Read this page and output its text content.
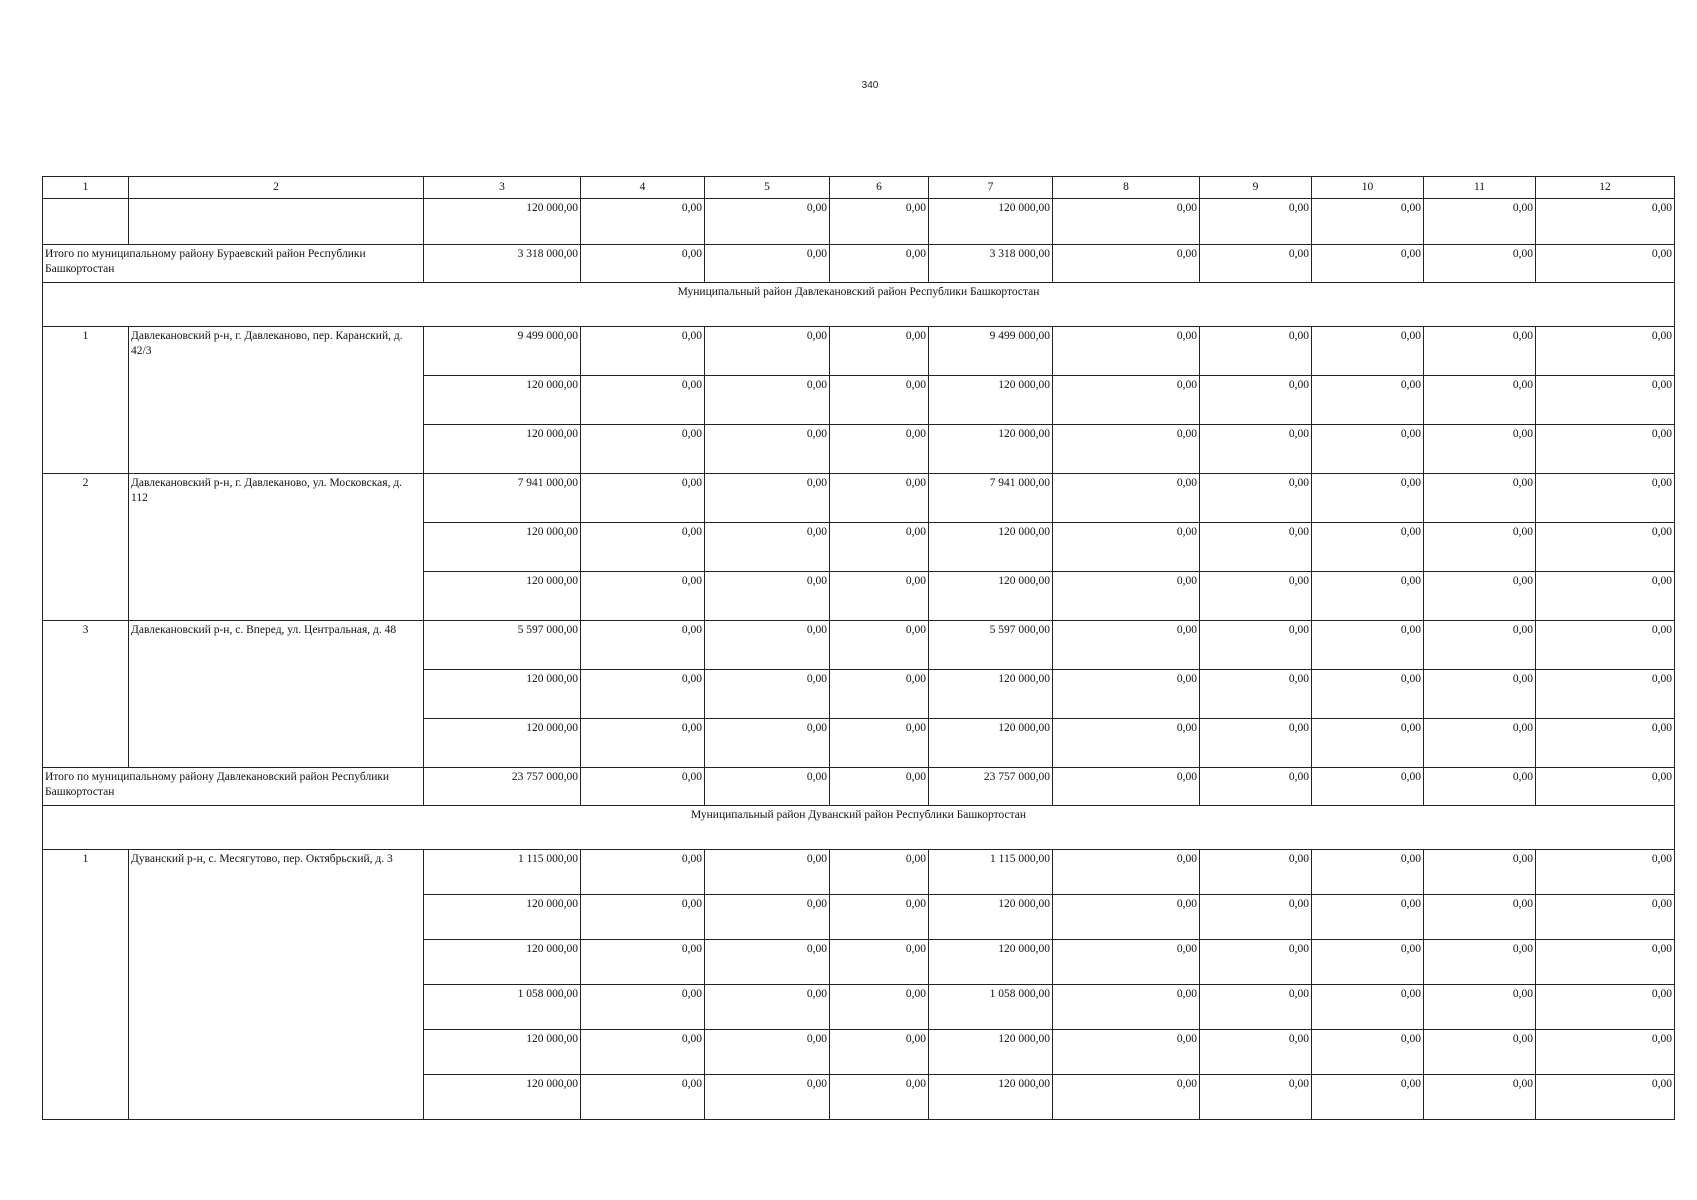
340
1	2	3	4	5	6	7	8	9	10	11	12
		120 000,00	0,00	0,00	0,00	120 000,00	0,00	0,00	0,00	0,00	0,00
Итого по муниципальному району Бураевский район Республики Башкортостан		3 318 000,00	0,00	0,00	0,00	3 318 000,00	0,00	0,00	0,00	0,00	0,00
Муниципальный район Давлекановский район Республики Башкортостан											
1	Давлекановский р-н, г. Давлеканово, пер. Каранский, д. 42/3	9 499 000,00	0,00	0,00	0,00	9 499 000,00	0,00	0,00	0,00	0,00	0,00
		120 000,00	0,00	0,00	0,00	120 000,00	0,00	0,00	0,00	0,00	0,00
		120 000,00	0,00	0,00	0,00	120 000,00	0,00	0,00	0,00	0,00	0,00
2	Давлекановский р-н, г. Давлеканово, ул. Московская, д. 112	7 941 000,00	0,00	0,00	0,00	7 941 000,00	0,00	0,00	0,00	0,00	0,00
		120 000,00	0,00	0,00	0,00	120 000,00	0,00	0,00	0,00	0,00	0,00
		120 000,00	0,00	0,00	0,00	120 000,00	0,00	0,00	0,00	0,00	0,00
3	Давлекановский р-н, с. Вперед, ул. Центральная, д. 48	5 597 000,00	0,00	0,00	0,00	5 597 000,00	0,00	0,00	0,00	0,00	0,00
		120 000,00	0,00	0,00	0,00	120 000,00	0,00	0,00	0,00	0,00	0,00
		120 000,00	0,00	0,00	0,00	120 000,00	0,00	0,00	0,00	0,00	0,00
Итого по муниципальному району Давлекановский район Республики Башкортостан		23 757 000,00	0,00	0,00	0,00	23 757 000,00	0,00	0,00	0,00	0,00	0,00
Муниципальный район Дуванский район Республики Башкортостан											
1	Дуванский р-н, с. Месягутово, пер. Октябрьский, д. 3	1 115 000,00	0,00	0,00	0,00	1 115 000,00	0,00	0,00	0,00	0,00	0,00
		120 000,00	0,00	0,00	0,00	120 000,00	0,00	0,00	0,00	0,00	0,00
		120 000,00	0,00	0,00	0,00	120 000,00	0,00	0,00	0,00	0,00	0,00
		1 058 000,00	0,00	0,00	0,00	1 058 000,00	0,00	0,00	0,00	0,00	0,00
		120 000,00	0,00	0,00	0,00	120 000,00	0,00	0,00	0,00	0,00	0,00
		120 000,00	0,00	0,00	0,00	120 000,00	0,00	0,00	0,00	0,00	0,00
